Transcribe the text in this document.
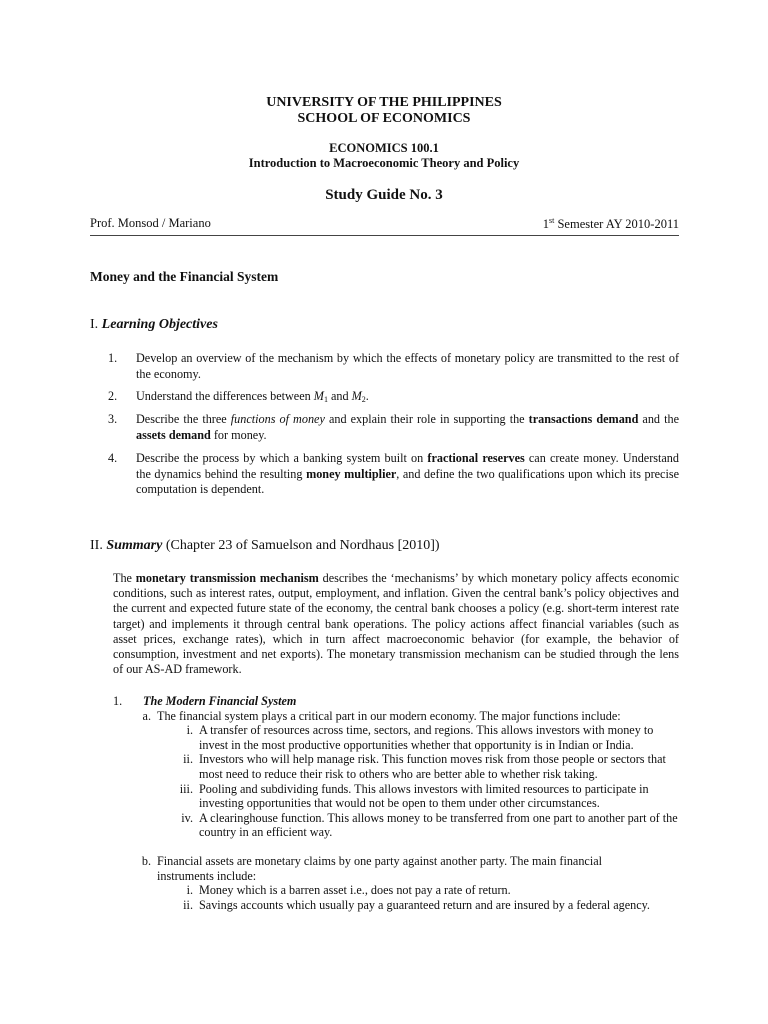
UNIVERSITY OF THE PHILIPPINES
SCHOOL OF ECONOMICS
ECONOMICS 100.1
Introduction to Macroeconomic Theory and Policy
Study Guide No. 3
Prof. Monsod / Mariano	1st Semester AY 2010-2011
Money and the Financial System
I. Learning Objectives
1.	Develop an overview of the mechanism by which the effects of monetary policy are transmitted to the rest of the economy.
2.	Understand the differences between $M_1$ and $M_2$.
3.	Describe the three functions of money and explain their role in supporting the transactions demand and the assets demand for money.
4.	Describe the process by which a banking system built on fractional reserves can create money. Understand the dynamics behind the resulting money multiplier, and define the two qualifications upon which its precise computation is dependent.
II. Summary (Chapter 23 of Samuelson and Nordhaus [2010])
The monetary transmission mechanism describes the ‘mechanisms’ by which monetary policy affects economic conditions, such as interest rates, output, employment, and inflation. Given the central bank’s policy objectives and the current and expected future state of the economy, the central bank chooses a policy (e.g. short-term interest rate target) and implements it through central bank operations. The policy actions affect financial variables (such as asset prices, exchange rates), which in turn affect macroeconomic behavior (for example, the behavior of consumption, investment and net exports). The monetary transmission mechanism can be studied through the lens of our AS-AD framework.
1.	The Modern Financial System
a. The financial system plays a critical part in our modern economy. The major functions include:
i. A transfer of resources across time, sectors, and regions. This allows investors with money to invest in the most productive opportunities whether that opportunity is in Indian or India.
ii. Investors who will help manage risk. This function moves risk from those people or sectors that most need to reduce their risk to others who are better able to whether risk taking.
iii. Pooling and subdividing funds. This allows investors with limited resources to participate in investing opportunities that would not be open to them under other circumstances.
iv. A clearinghouse function. This allows money to be transferred from one part to another part of the country in an efficient way.
b. Financial assets are monetary claims by one party against another party. The main financial instruments include:
i. Money which is a barren asset i.e., does not pay a rate of return.
ii. Savings accounts which usually pay a guaranteed return and are insured by a federal agency.
